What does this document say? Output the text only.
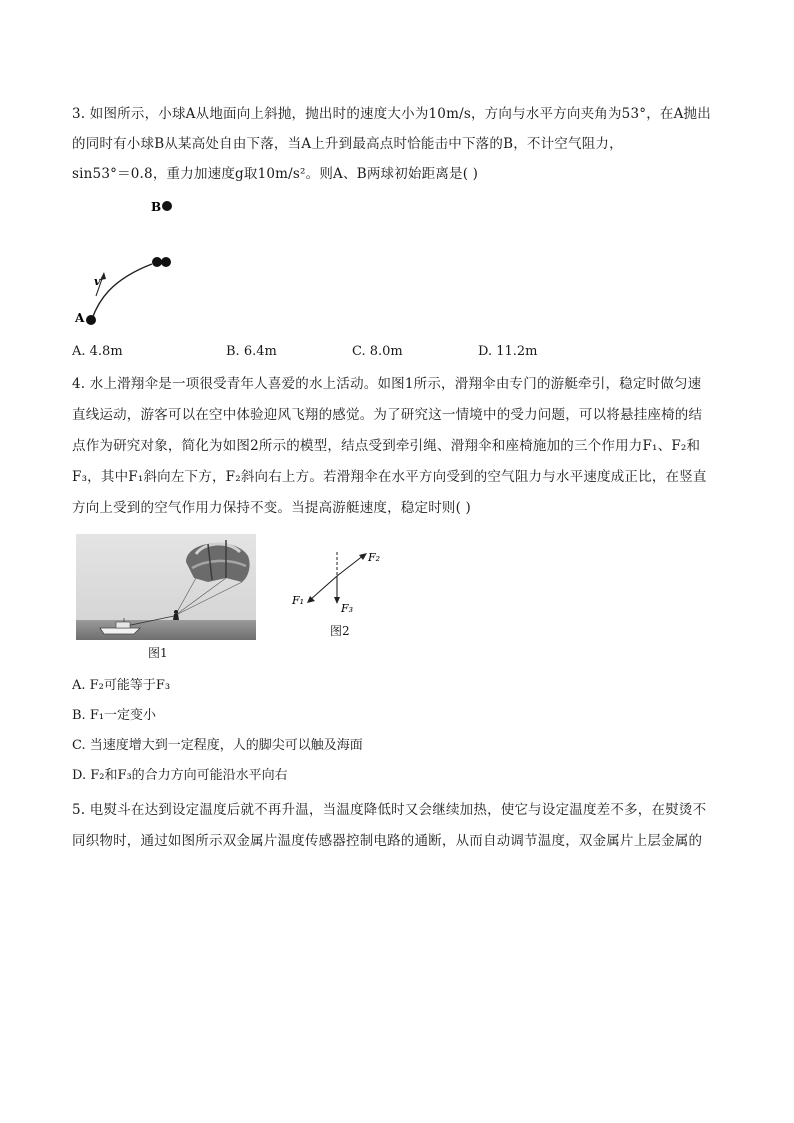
3. 如图所示，小球A从地面向上斜抛，抛出时的速度大小为10m/s，方向与水平方向夹角为53°，在A抛出
的同时有小球B从某高处自由下落，当A上升到最高点时恰能击中下落的B，不计空气阻力，
sin53°＝0.8，重力加速度g取10m/s²。则A、B两球初始距离是( )
B
v
A
A. 4.8m	B. 6.4m	C. 8.0m	D. 11.2m
4. 水上滑翔伞是一项很受青年人喜爱的水上活动。如图1所示，滑翔伞由专门的游艇牵引，稳定时做匀速
直线运动，游客可以在空中体验迎风飞翔的感觉。为了研究这一情境中的受力问题，可以将悬挂座椅的结
点作为研究对象，简化为如图2所示的模型，结点受到牵引绳、滑翔伞和座椅施加的三个作用力F₁、F₂和
F₃，其中F₁斜向左下方，F₂斜向右上方。若滑翔伞在水平方向受到的空气阻力与水平速度成正比，在竖直
方向上受到的空气作用力保持不变。当提高游艇速度，稳定时则( )
图1
F₂
F₁
F₃
图2
A. F₂可能等于F₃
B. F₁一定变小
C. 当速度增大到一定程度，人的脚尖可以触及海面
D. F₂和F₃的合力方向可能沿水平向右
5. 电熨斗在达到设定温度后就不再升温，当温度降低时又会继续加热，使它与设定温度差不多，在熨烫不
同织物时，通过如图所示双金属片温度传感器控制电路的通断，从而自动调节温度，双金属片上层金属的
